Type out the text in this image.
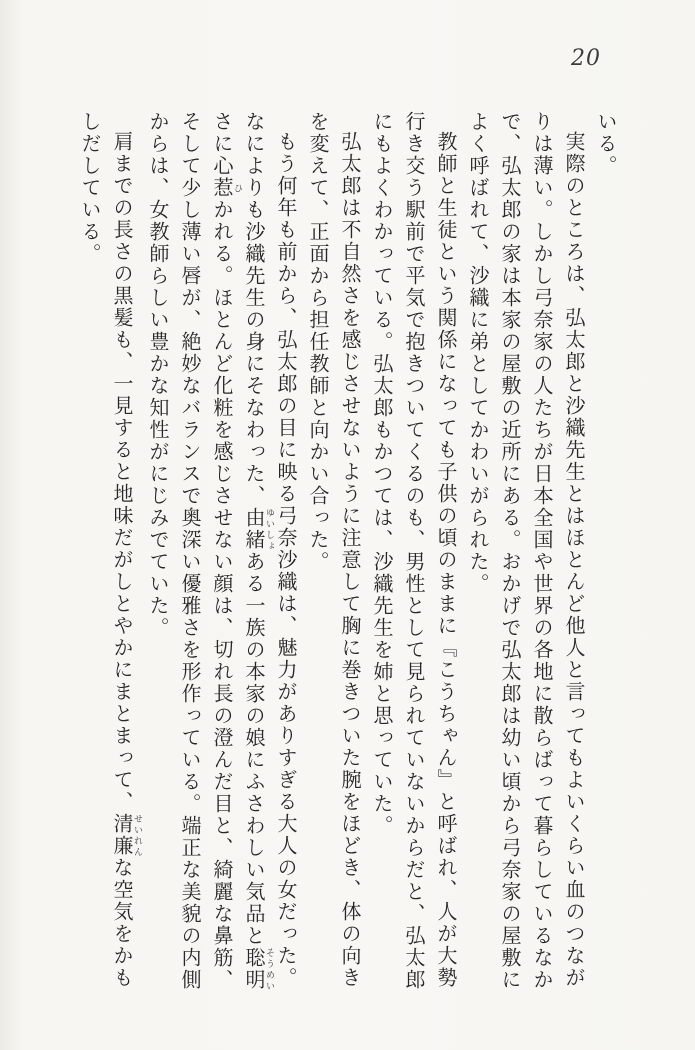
20

いる。

実際のところは、弘太郎と沙織先生とはほとんど他人と言ってもよいくらい血のつながりは薄い。しかし弓奈家の人たちが日本全国や世界の各地に散らばって暮らしているなかで、弘太郎の家は本家の屋敷の近所にある。おかげで弘太郎は幼い頃から弓奈家の屋敷によく呼ばれて、沙織に弟としてかわいがられた。

教師と生徒という関係になっても子供の頃のままに『こうちゃん』と呼ばれ、人が大勢行き交う駅前で平気で抱きついてくるのも、男性として見られていないからだと、弘太郎にもよくわかっている。弘太郎もかつては、沙織先生を姉と思っていた。

弘太郎は不自然さを感じさせないように注意して胸に巻きついた腕をほどき、体の向きを変えて、正面から担任教師と向かい合った。

もう何年も前から、弘太郎の目に映る弓奈沙織は、魅力がありすぎる大人の女だった。なによりも沙織先生の身にそなわった、由緒ゆいしょある一族の本家の娘にふさわしい気品と聡明そうめいさに心惹ひかれる。ほとんど化粧を感じさせない顔は、切れ長の澄んだ目と、綺麗な鼻筋、そして少し薄い唇が、絶妙なバランスで奥深い優雅さを形作っている。端正な美貌の内側からは、女教師らしい豊かな知性がにじみでていた。

肩までの長さの黒髪も、一見すると地味だがしとやかにまとまって、清廉せいれんな空気をかもしだしている。
